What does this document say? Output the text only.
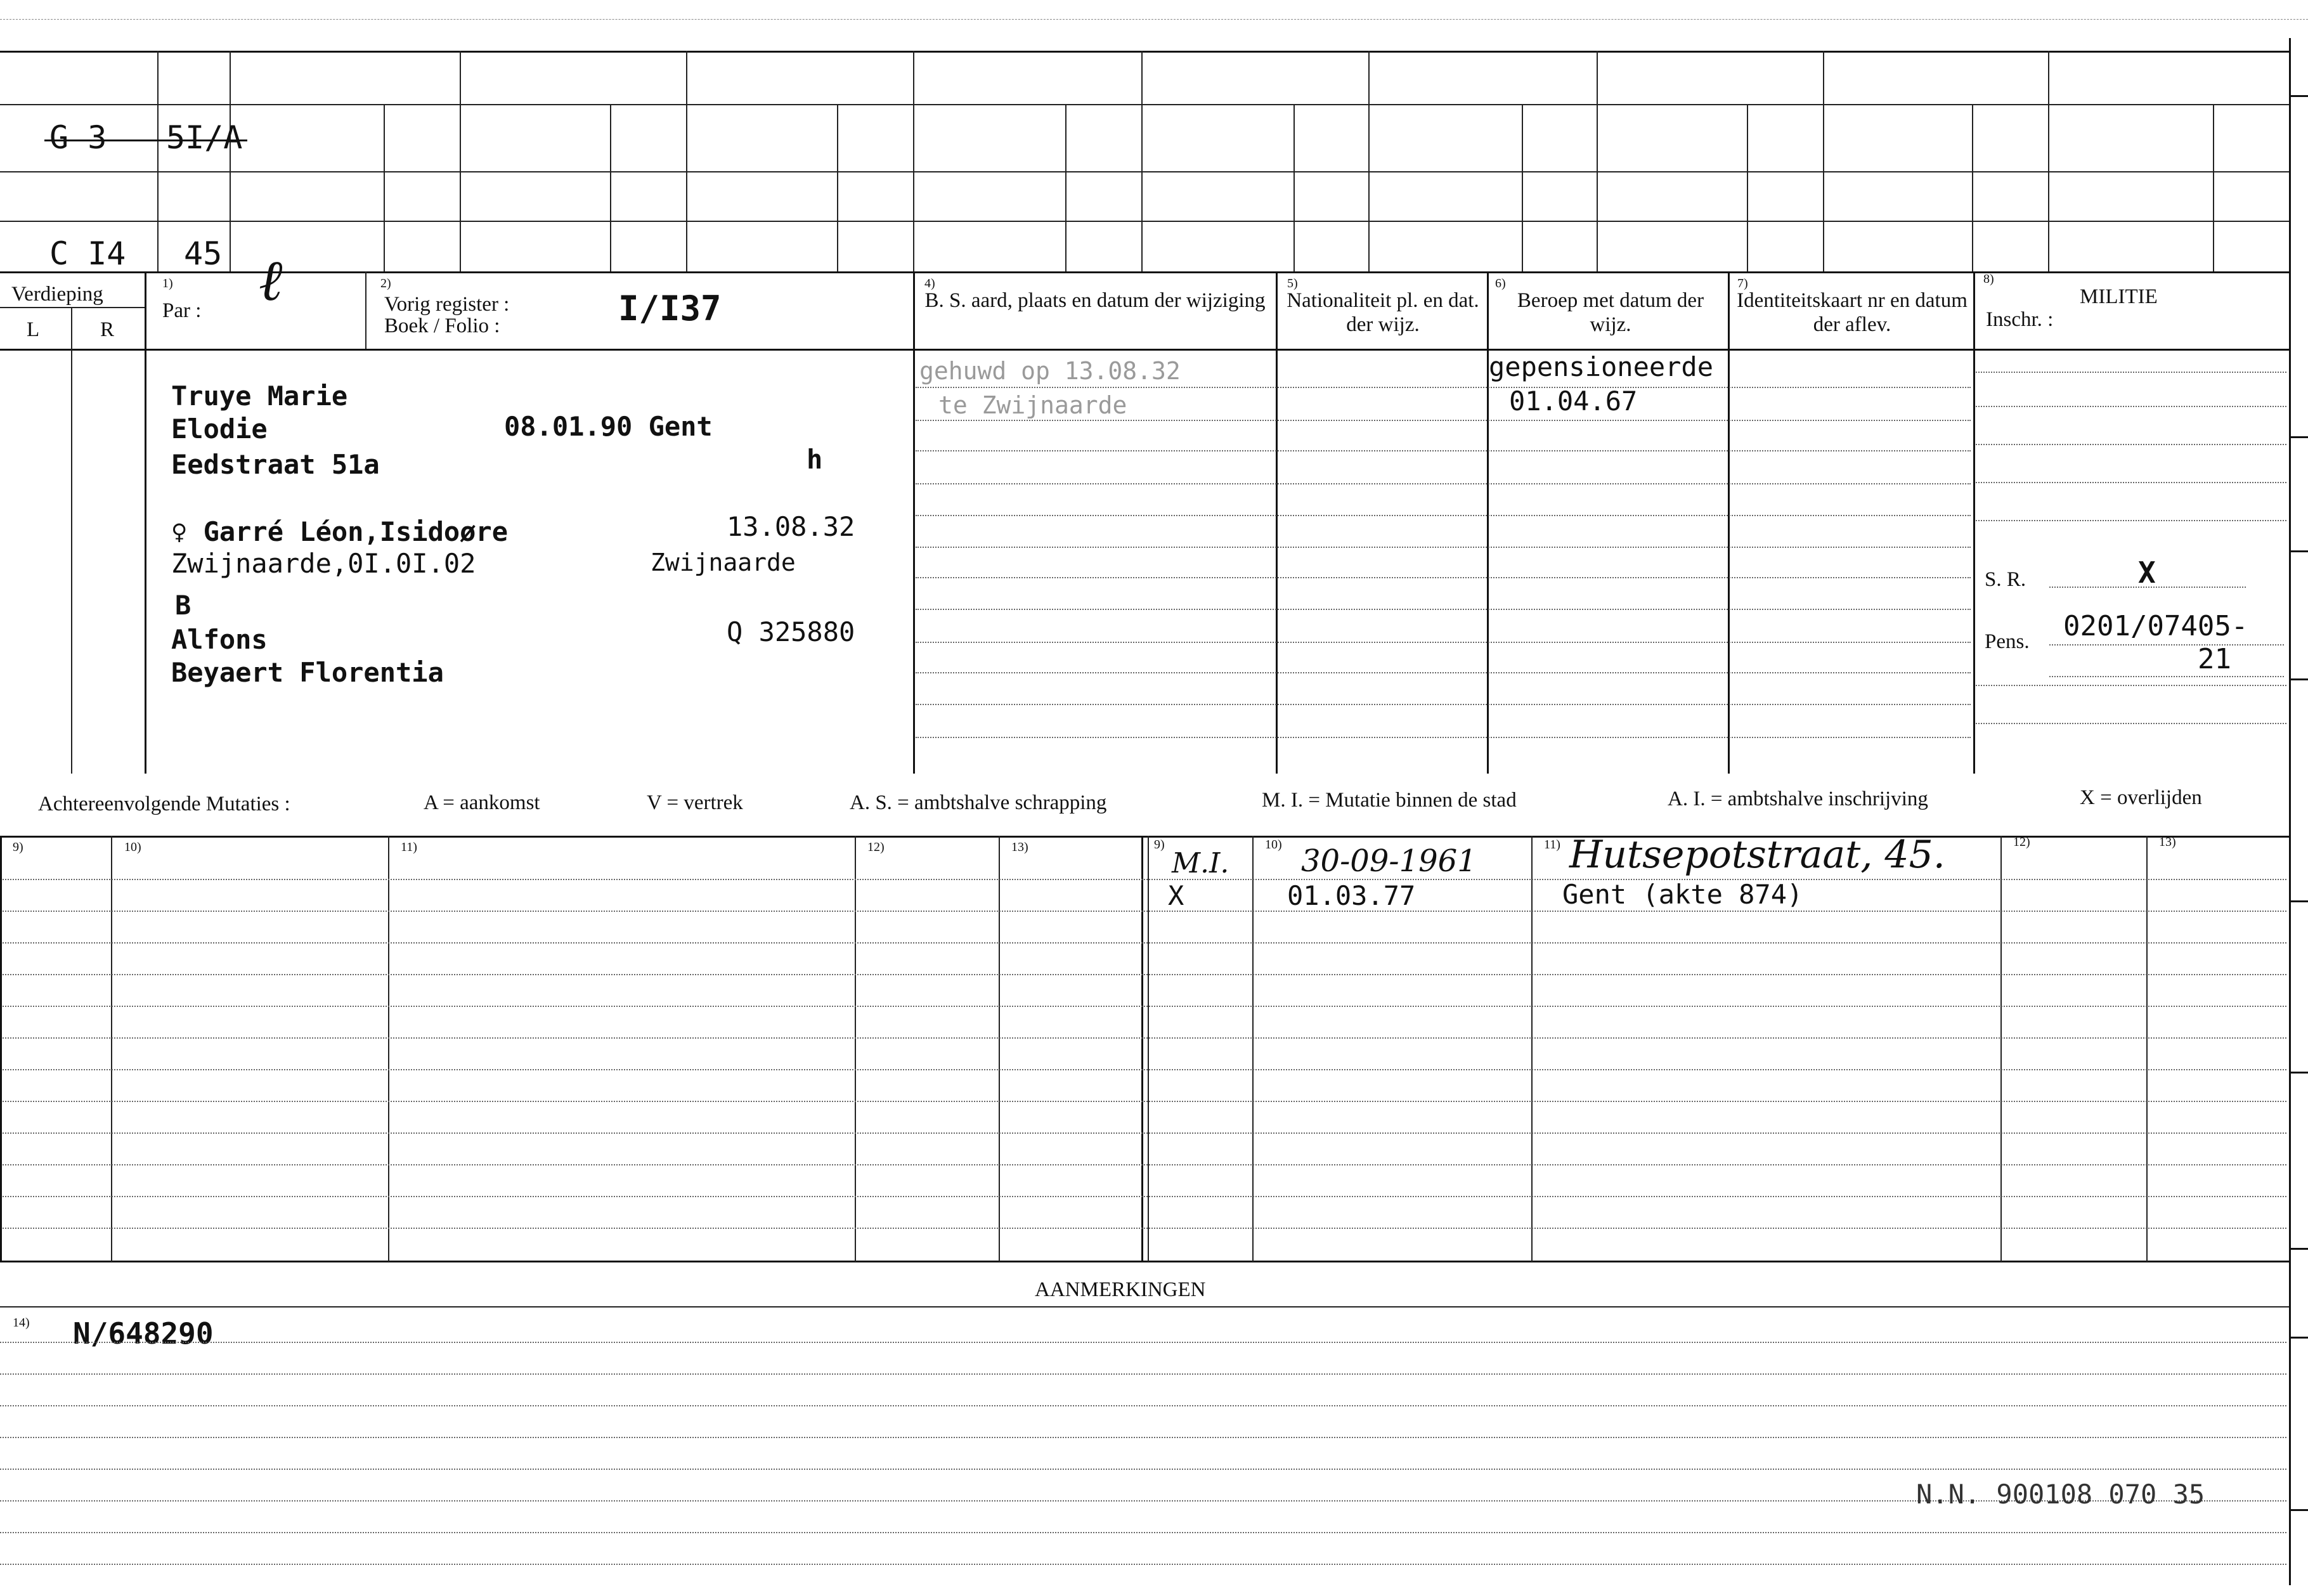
G 3 5I/A
C I4 45
Verdieping
L	R
1)
Par : ℓ	2)
Vorig register :
Boek / Folio :	I/I37
4)
B. S. aard, plaats en datum der wijziging
5)
Nationaliteit pl. en dat. der wijz.
6)
Beroep met datum der wijz.
7)
Identiteitskaart nr en datum der aflev.
8)
MILITIE
Inschr. :
Truye Marie
Elodie	08.01.90 Gent
Eedstraat 51a	h
♀ Garré Léon,Isidoøre	13.08.32
Zwijnaarde,0I.0I.02	Zwijnaarde
B
Alfons	Q 325880
Beyaert Florentia
gehuwd op 13.08.32
te Zwijnaarde
gepensioneerde
01.04.67
S. R.	X
Pens. 0201/07405-
21
Achtereenvolgende Mutaties :	A = aankomst	V = vertrek	A. S. = ambtshalve schrapping	M. I. = Mutatie binnen de stad	A. I. = ambtshalve inschrijving	X = overlijden
9)	10)	11)	12)	13)	9)	10)	11)	12)	13)
M.I. 30-09-1961 Hutsepotstraat, 45.
X	01.03.77	Gent (akte 874)
AANMERKINGEN
14) N/648290
N.N. 900108 070 35
